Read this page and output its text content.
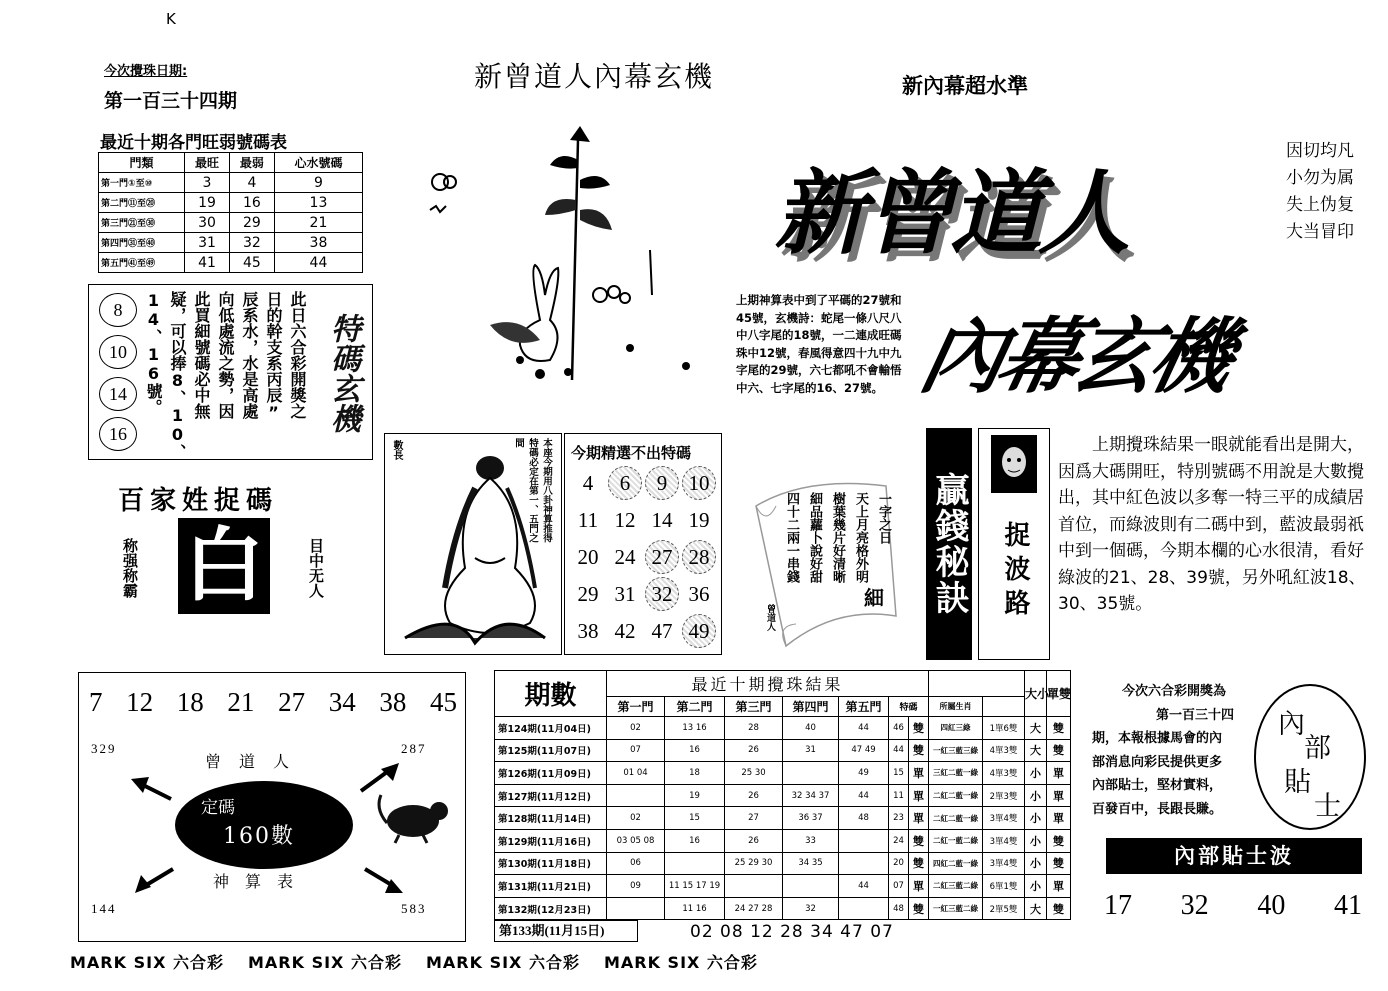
K
今次攪珠日期:
第一百三十四期
新曾道人內幕玄機	新內幕超水準
最近十期各門旺弱號碼表
門類	最旺	最弱	心水號碼
第一門①至⑩	3	4	9
第二門⑪至⑳	19	16	13
第三門㉑至㉚	30	29	21
第四門㉛至㊵	31	32	38
第五門㊶至㊾	41	45	44
8
10
14
16
此日六合彩開獎之
日的幹支系丙辰”
辰系水，水是高處
向低處流之勢，因
此買細號碼必中無
疑，可以捧8、10、
14、16號。	特碼玄機
百家姓捉碼
称强称霸 白	目中无人
上期神算表中到了平碼的27號和45號，玄機詩：蛇尾一條八尺八中八字尾的18號，一二連成旺碼珠中12號，春風得意四十九中九字尾的29號，六七都吼不會輸悟中六、七字尾的16、27號。
新曾道人
因切均凡
小勿为属
失上伪复
大当冒印
內幕玄機
數長	本座今期用八卦神算推得特碼必定在第一、五門之間
今期精選不出特碼
4	6	9	10
11 12 14 19
20 24 27 28
29 31 32 36
38 42 47 49
一字之日
天上月亮格外明
樹葉幾片好清晰
細品蘿卜說好甜
四十二兩一串錢
細
曾道人
贏錢秘訣 捉波路
上期攪珠結果一眼就能看出是開大，因爲大碼開旺，特別號碼不用說是大數攪出，其中紅色波以多奪一特三平的成績居首位，而綠波則有二碼中到，藍波最弱祇中到一個碼，今期本欄的心水很清，看好綠波的21、28、39號，另外吼紅波18、30、35號。
7 12 18 21 27 34 38 45
329	287
144	583
曾道人
神算表
定碼
160數
期數	最近十期攪珠結果									大小	單雙
	第一門	第二門	第三門	第四門	第五門	特碼		所屬生肖			
第124期(11月04日)	02	13 16	28	40	44	46	雙	四紅三綠	1單6雙	大	雙
第125期(11月07日)	07	16	26	31	47 49	44	雙	一紅三藍三綠	4單3雙	大	雙
第126期(11月09日)	01 04	18	25 30		49	15	單	三紅二藍一綠	4單3雙	小	單
第127期(11月12日)		19	26	32 34 37	44	11	單	二紅二藍一綠	2單3雙	小	單
第128期(11月14日)	02	15	27	36 37	48	23	單	二紅二藍一綠	3單4雙	小	單
第129期(11月16日)	03 05 08	16	26	33		24	雙	二紅一藍二綠	3單4雙	小	雙
第130期(11月18日)	06		25 29 30	34 35		20	雙	四紅二藍一綠	3單4雙	小	雙
第131期(11月21日)	09	11 15 17 19			44	07	單	二紅三藍二綠	6單1雙	小	單
第132期(12月23日)		11 16	24 27 28	32		48	雙	一紅三藍二綠	2單5雙	大	雙
第133期(11月15日)	02 08 12 28 34 47 07
今次六合彩開獎為
第一百三十四
期，本報根據馬會的內
部消息向彩民提供更多
內部貼士，堅材實料，
百發百中，長跟長賺。
內
部
貼
士
內部貼士波
17 32 40 41
MARK SIX 六合彩 MARK SIX 六合彩 MARK SIX 六合彩 MARK SIX 六合彩
